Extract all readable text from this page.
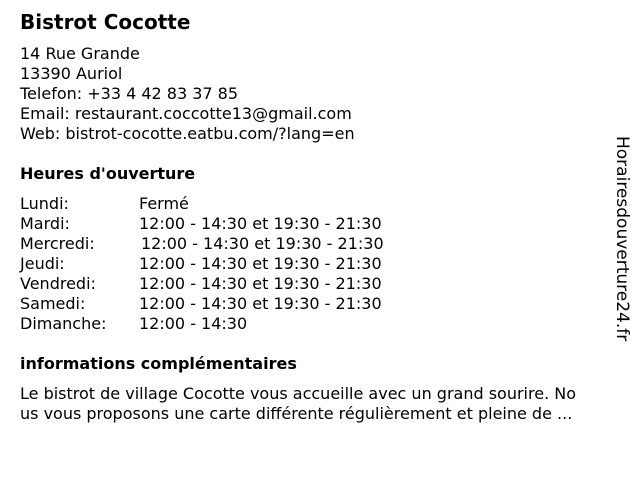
Bistrot Cocotte
14 Rue Grande
13390 Auriol
Telefon: +33 4 42 83 37 85
Email: restaurant.coccotte13@gmail.com
Web: bistrot-cocotte.eatbu.com/?lang=en
Heures d'ouverture
Lundi:	Fermé
Mardi:	12:00 - 14:30 et 19:30 - 21:30
Mercredi:	12:00 - 14:30 et 19:30 - 21:30
Jeudi:	12:00 - 14:30 et 19:30 - 21:30
Vendredi:	12:00 - 14:30 et 19:30 - 21:30
Samedi:	12:00 - 14:30 et 19:30 - 21:30
Dimanche: 12:00 - 14:30
informations complémentaires
Le bistrot de village Cocotte vous accueille avec un grand sourire. No
us vous proposons une carte différente régulièrement et pleine de ...
Horairesdouverture24.fr
